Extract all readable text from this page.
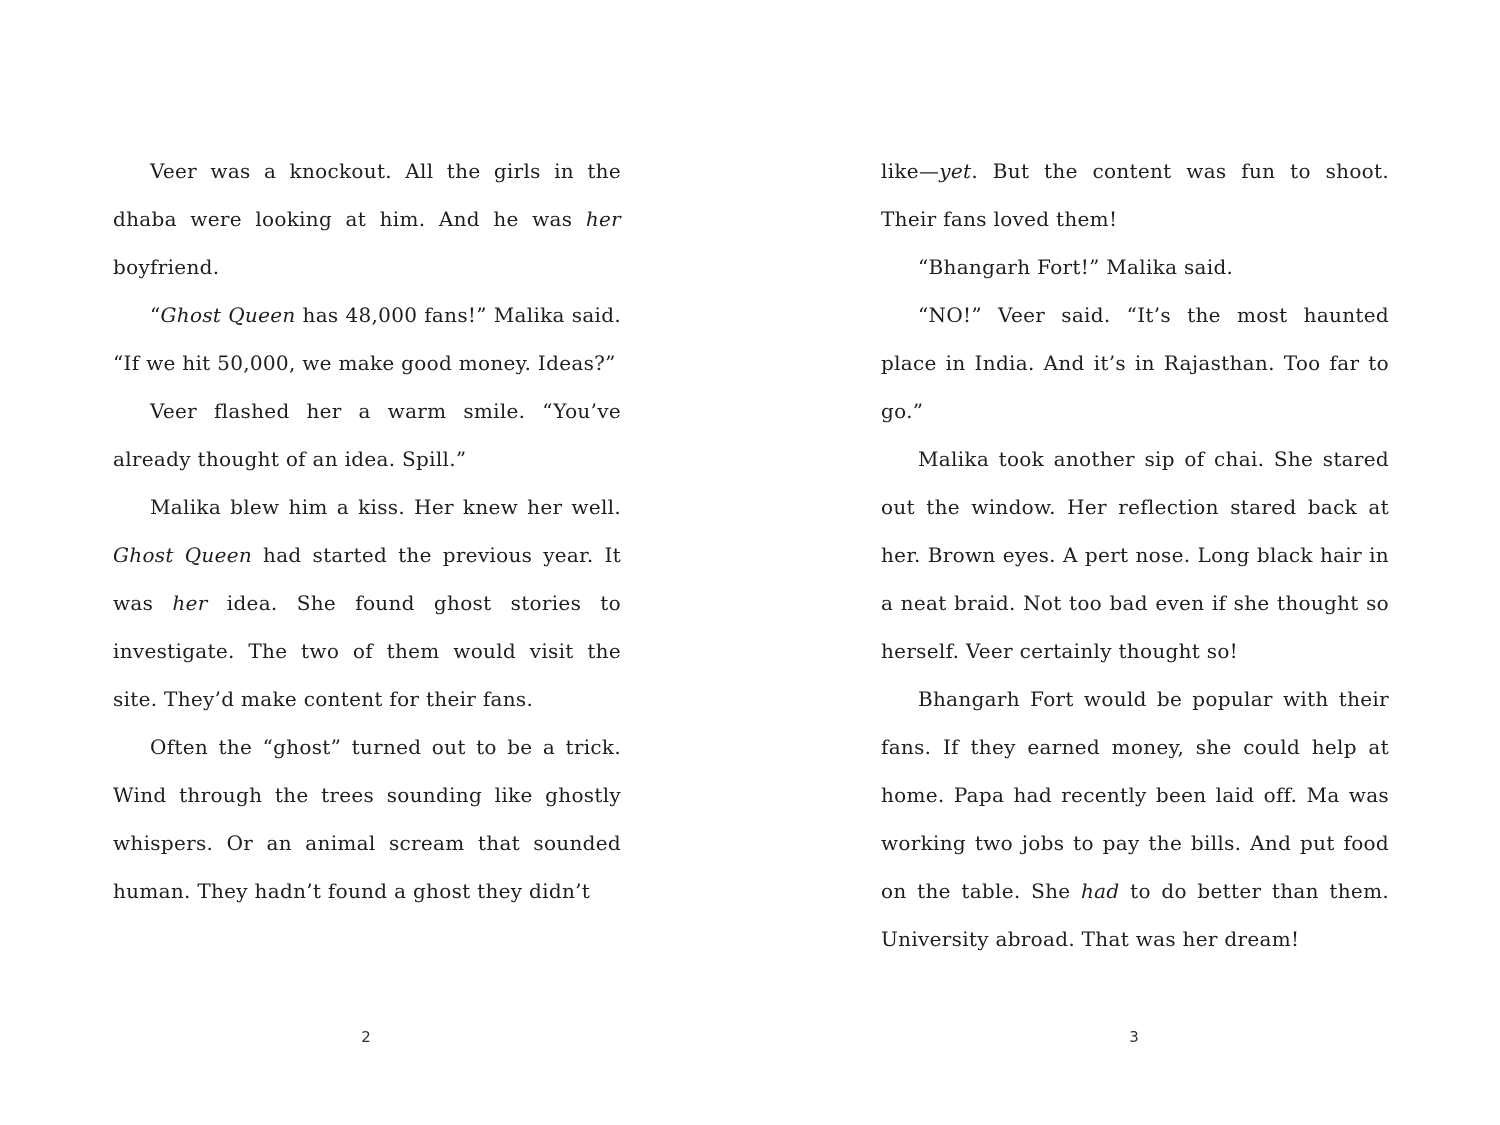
Veer was a knockout. All the girls in the dhaba were looking at him. And he was her boyfriend.

“Ghost Queen has 48,000 fans!” Malika said. “If we hit 50,000, we make good money. Ideas?”

Veer flashed her a warm smile. “You’ve already thought of an idea. Spill.”

Malika blew him a kiss. Her knew her well. Ghost Queen had started the previous year. It was her idea. She found ghost stories to investigate. The two of them would visit the site. They’d make content for their fans.

Often the “ghost” turned out to be a trick. Wind through the trees sounding like ghostly whispers. Or an animal scream that sounded human. They hadn’t found a ghost they didn’t

like—yet. But the content was fun to shoot. Their fans loved them!

“Bhangarh Fort!” Malika said.

“NO!” Veer said. “It’s the most haunted place in India. And it’s in Rajasthan. Too far to go.”

Malika took another sip of chai. She stared out the window. Her reflection stared back at her. Brown eyes. A pert nose. Long black hair in a neat braid. Not too bad even if she thought so herself. Veer certainly thought so!

Bhangarh Fort would be popular with their fans. If they earned money, she could help at home. Papa had recently been laid off. Ma was working two jobs to pay the bills. And put food on the table. She had to do better than them. University abroad. That was her dream!

2	3
